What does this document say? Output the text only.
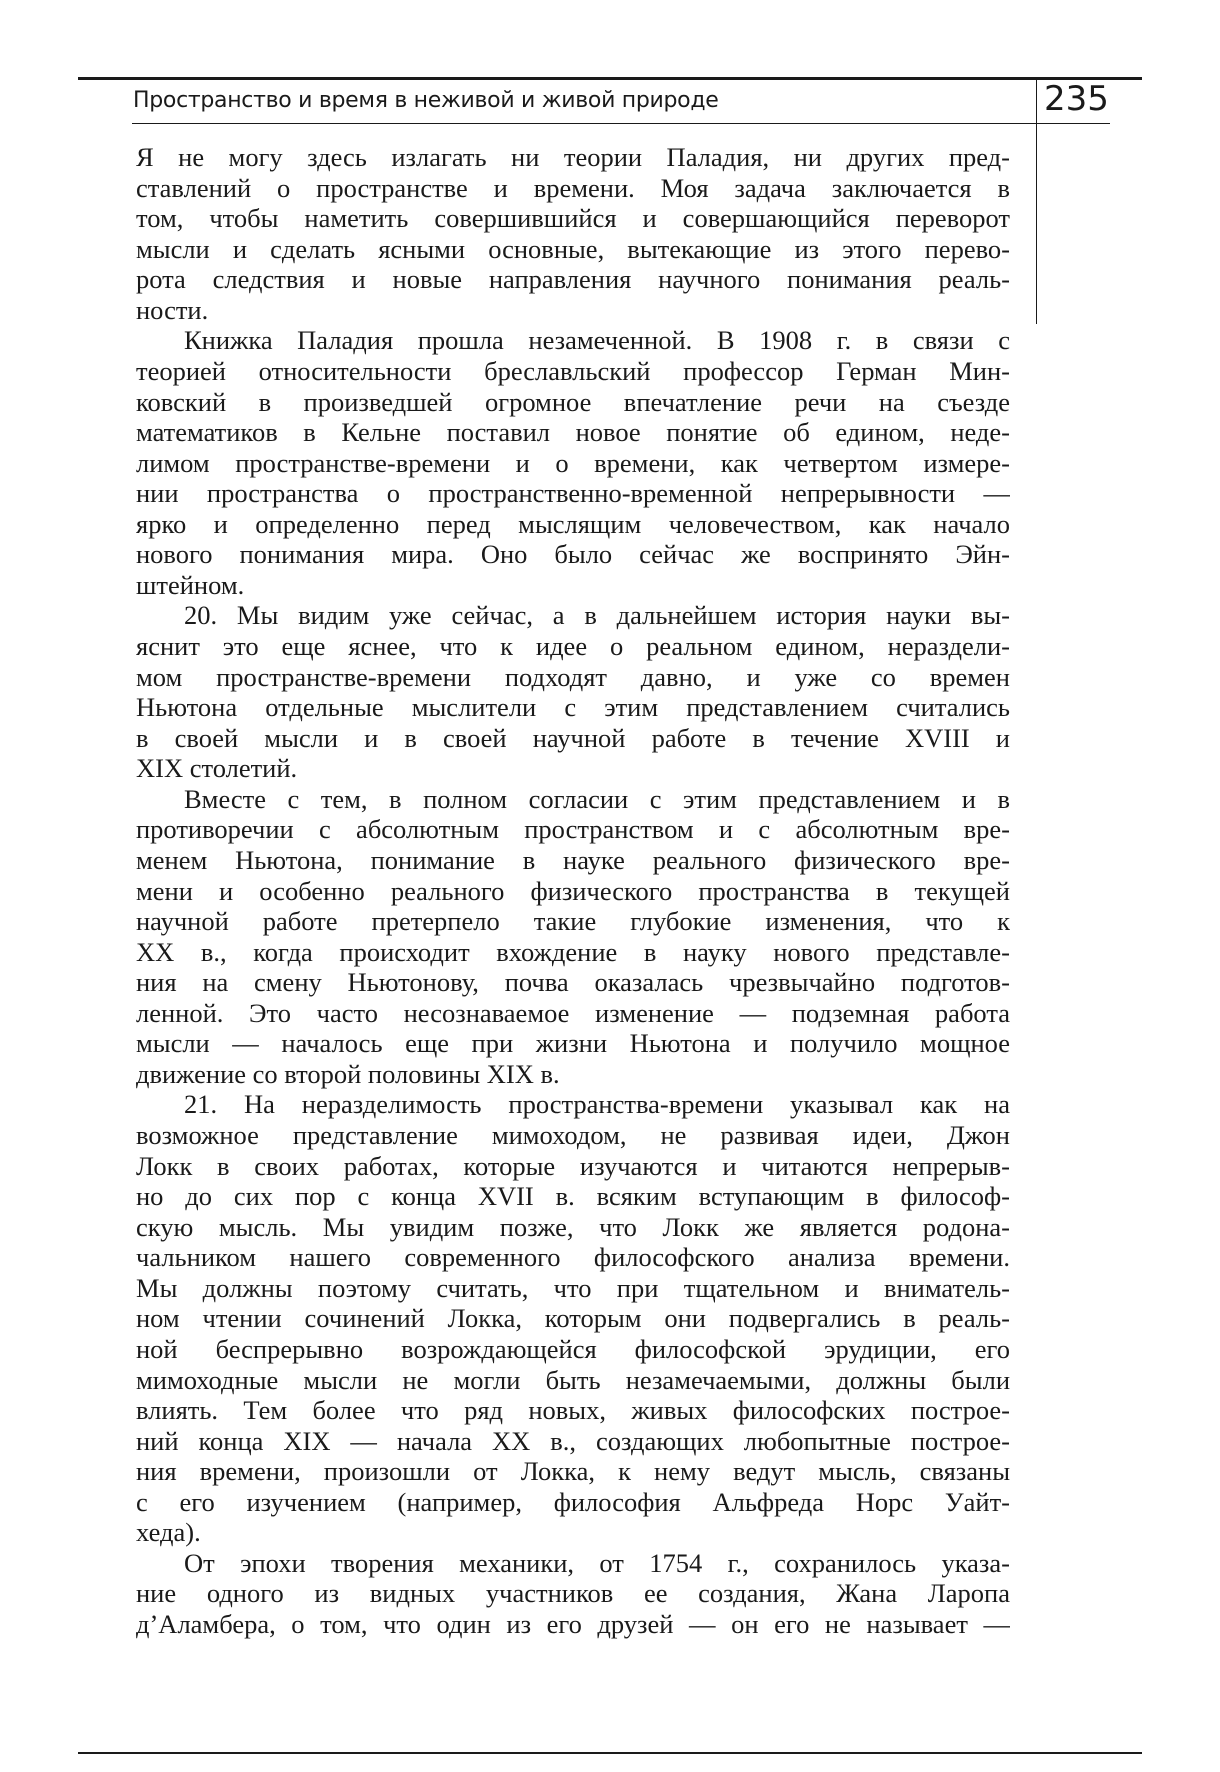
Пространство и время в неживой и живой природе	235
Я не могу здесь излагать ни теории Паладия, ни других пред-
ставлений о пространстве и времени. Моя задача заключается в
том, чтобы наметить совершившийся и совершающийся переворот
мысли и сделать ясными основные, вытекающие из этого перево-
рота следствия и новые направления научного понимания реаль-
ности.
Книжка Паладия прошла незамеченной. В 1908 г. в связи с
теорией относительности бреславльский профессор Герман Мин-
ковский в произведшей огромное впечатление речи на съезде
математиков в Кельне поставил новое понятие об едином, неде-
лимом пространстве-времени и о времени, как четвертом измере-
нии пространства о пространственно-временной непрерывности —
ярко и определенно перед мыслящим человечеством, как начало
нового понимания мира. Оно было сейчас же воспринято Эйн-
штейном.
20. Мы видим уже сейчас, а в дальнейшем история науки вы-
яснит это еще яснее, что к идее о реальном едином, нераздели-
мом пространстве-времени подходят давно, и уже со времен
Ньютона отдельные мыслители с этим представлением считались
в своей мысли и в своей научной работе в течение XVIII и
XIX столетий.
Вместе с тем, в полном согласии с этим представлением и в
противоречии с абсолютным пространством и с абсолютным вре-
менем Ньютона, понимание в науке реального физического вре-
мени и особенно реального физического пространства в текущей
научной работе претерпело такие глубокие изменения, что к
XX в., когда происходит вхождение в науку нового представле-
ния на смену Ньютонову, почва оказалась чрезвычайно подготов-
ленной. Это часто несознаваемое изменение — подземная работа
мысли — началось еще при жизни Ньютона и получило мощное
движение со второй половины XIX в.
21. На неразделимость пространства-времени указывал как на
возможное представление мимоходом, не развивая идеи, Джон
Локк в своих работах, которые изучаются и читаются непрерыв-
но до сих пор с конца XVII в. всяким вступающим в философ-
скую мысль. Мы увидим позже, что Локк же является родона-
чальником нашего современного философского анализа времени.
Мы должны поэтому считать, что при тщательном и вниматель-
ном чтении сочинений Локка, которым они подвергались в реаль-
ной беспрерывно возрождающейся философской эрудиции, его
мимоходные мысли не могли быть незамечаемыми, должны были
влиять. Тем более что ряд новых, живых философских построе-
ний конца XIX — начала XX в., создающих любопытные построе-
ния времени, произошли от Локка, к нему ведут мысль, связаны
с его изучением (например, философия Альфреда Норс Уайт-
хеда).
От эпохи творения механики, от 1754 г., сохранилось указа-
ние одного из видных участников ее создания, Жана Ларопа
д’Аламбера, о том, что один из его друзей — он его не называет —
